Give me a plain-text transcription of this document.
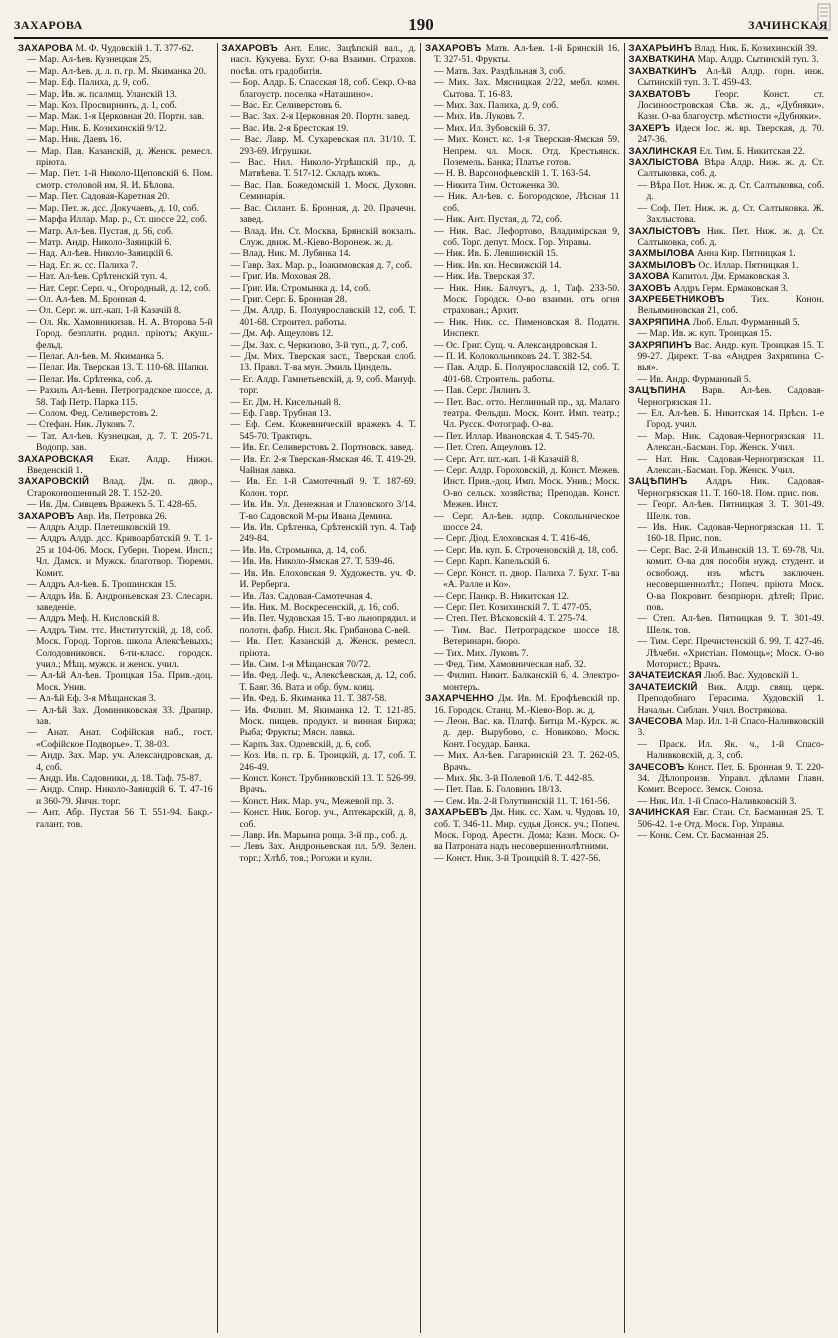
ЗАХАРОВА	190	ЗАЧИНСКАЯ
ЗАХАРОВА М. Ф. Чудовскій 1. Т. 377-62.
— Мар. Ал-ѣев. Кузнецкая 25.
— Мар. Ал-ѣев. д. л. п. гр. М. Якиманка 20.
— Мар. Еф. Палиха, д. 9, соб.
— Мар. Ив. ж. псалмщ. Уланскій 13.
— Мар. Коз. Просвирнинъ, д. 1, соб.
— Мар. Мак. 1-я Церковная 20. Портн. зав.
— Мар. Ник. Б. Козихинскій 9/12.
— Мар. Ник. Даевъ 16.
— Мар. Пав. Казанскій, д. Женск. ремесл. пріюта.
— Мар. Пет. 1-й Николо-Щеповскій 6. Пом. смотр. столовой им. Я. И. Бѣлова.
— Мар. Пет. Садовая-Каретная 20.
— Мар. Пет. ж. дсс. Докучаевъ, д. 10, соб.
— Марфа Иллар. Мар. р., Ст. шоссе 22, соб.
— Матр. Ал-ѣев. Пустая, д. 56, соб.
— Матр. Андр. Николо-Заяицкій 6.
— Над. Ал-ѣев. Николо-Заяицкій 6.
— Над. Ег. ж. сс. Палиха 7.
— Нат. Ал-ѣев. Срѣтенскій туп. 4.
— Нат. Серг. Серп. ч., Огородный, д. 12, соб.
— Ол. Ал-ѣев. М. Бронная 4.
— Ол. Серг. ж. шт.-кап. 1-й Казачій 8.
— Ол. Як. Хамовникизав. Н. А. Второва 5-й Город. безплатн. родил. пріютъ; Акуш.-фельд.
— Пелаг. Ал-ѣев. М. Якиманка 5.
— Пелаг. Ив. Тверская 13. Т. 110-68. Шапки.
— Пелаг. Ив. Срѣтенка, соб. д.
— Рахиль Ал-ѣевн. Петроградское шоссе, д. 58. Таф Петр. Парка 115.
— Солом. Фед. Селиверстовъ 2.
— Стефан. Ник. Луковъ 7.
— Тат. Ал-ѣев. Кузнецкая, д. 7. Т. 205-71. Водопр. зав.
ЗАХАРОВСКАЯ Екат. Алдр. Нижн. Введенскій 1.
ЗАХАРОВСКІЙ Влад. Дм. п. двор., Староконюшенный 28. Т. 152-20.
— Ив. Дм. Сивцевъ Вражекъ 5. Т. 428-65.
ЗАХАРОВЪ Авр. Ив. Петровка 26.
— Алдръ Алдр. Плетешковскій 19.
— Алдръ Алдр. дсс. Кривоарбатскій 9. Т. 1-25 и 104-06. Моск. Губерн. Тюрем. Инсп.; Чл. Дамск. и Мужск. благотвор. Тюремн. Комит.
— Алдръ Ал-ѣев. Б. Трошинская 15.
— Алдръ Ив. Б. Андроньевская 23. Слесарн. заведеніе.
— Алдръ Меф. Н. Кисловскій 8.
— Алдръ Тим. ттс. Институтскій, д. 18, соб. Моск. Город. Торгов. школа Алексѣевыхъ; Солодовниковск. 6-ти-класс. городск. учил.; Мѣщ. мужск. и женск. учил.
— Ал-ѣй Ал-ѣев. Троицкая 15а. Прив.-доц. Моск. Унив.
— Ал-ѣй Еф. 3-я Мѣщанская 3.
— Ал-ѣй Зах. Доминиковская 33. Драпир. зав.
— Анат. Анат. Софійская наб., гост. «Софійское Подворье». Т. 38-03.
— Андр. Зах. Мар. уч. Александровская, д. 4, соб.
— Андр. Ив. Садовники, д. 18. Таф. 75-87.
— Андр. Спир. Николо-Заяицкій 6. Т. 47-16 и 360-79. Яичн. торг.
— Ант. Абр. Пустая 56 Т. 551-94. Бакр.-галант. тов.
ЗАХАРОВЪ Ант. Елис. Зацѣпскій вал., д. насл. Кукуева. Бухг. О-ва Взаимн. Страхов. посѣв. отъ градобитія.
— Бор. Алдр. Б. Спасская 18, соб. Секр. О-ва благоустр. поселка «Наташино».
— Вас. Ег. Селиверстовъ 6.
— Вас. Зах. 2-я Церковная 20. Портн. завед.
— Вас. Ив. 2-я Брестская 19.
— Вас. Лавр. М. Сухаревская пл. 31/10. Т. 293-69. Игрушки.
— Вас. Нил. Николо-Угрѣшскій пр., д. Матвѣева. Т. 517-12. Складъ кожъ.
— Вас. Пав. Божедомскій 1. Моск. Духовн. Семинарія.
— Вас. Силант. Б. Бронная, д. 20. Прачечн. завед.
— Влад. Ин. Ст. Москва, Брянскій вокзалъ. Служ. движ. М.-Кіево-Воронеж. ж. д.
— Влад. Ник. М. Лубянка 14.
— Гавр. Зах. Мар. р., Іоакимовская д. 7, соб.
— Григ. Ив. Моховая 28.
— Григ. Ив. Стромынка д. 14, соб.
— Григ. Серг. Б. Бронная 28.
— Дм. Алдр. Б. Полуярославскій 12, соб. Т. 401-68. Строител. работы.
— Дм. Аф. Ащеуловъ 12.
— Дм. Зах. с. Черкизово, 3-й туп., д. 7, соб.
— Дм. Мих. Тверская заст., Тверская слоб. 13. Правл. Т-ва мун. Эмиль Циндель.
— Ег. Алдр. Гамнетьевскій, д. 9, соб. Мануф. торг.
— Ег. Дм. Н. Кисельный 8.
— Еф. Гавр. Трубная 13.
— Еф. Сем. Кожевническій вражекъ 4. Т. 545-70. Трактиръ.
— Ив. Ег. Селиверстовъ 2. Портновск. завед.
— Ив. Ег. 2-я Тверская-Ямская 46. Т. 419-29. Чайная лавка.
— Ив. Ег. 1-й Самотечный 9. Т. 187-69. Колон. торг.
— Ив. Ив. Ул. Денежная и Глазовского 3/14. Т-во Садовской М-ры Ивана Демина.
— Ив. Ив. Срѣтенка, Срѣтенскій туп. 4. Таф 249-84.
— Ив. Ив. Стромынка, д. 14, соб.
— Ив. Ив. Николо-Ямская 27. Т. 539-46.
— Ив. Ив. Елоховская 9. Художеств. уч. Ф. И. Рерберга.
— Ив. Лаз. Садовая-Самотечная 4.
— Ив. Ник. М. Воскресенскій, д. 16, соб.
— Ив. Пет. Чудовская 15. Т-во льнопрядил. и полотн. фабр. Нисл. Як. Грибанова С-вей.
— Ив. Пет. Казанскій д. Женск. ремесл. пріюта.
— Ив. Сим. 1-я Мѣщанская 70/72.
— Ив. Фед. Леф. ч., Алексѣевская, д. 12, соб. Т. Баяг. 36. Вата и обр. бум. кояц.
— Ив. Фед. Б. Якиманка 11. Т. 387-58.
— Ив. Филип. М. Якиманка 12. Т. 121-85. Моск. пищев. продукт. и винная Биржа; Рыба; Фрукты; Мясн. лавка.
— Карпъ Зах. Одоевскій, д. 6, соб.
— Коз. Ив. п. гр. Б. Троицкій, д. 17, соб. Т. 246-49.
— Конст. Конст. Трубниковскій 13. Т. 526-99. Врачъ.
— Конст. Ник. Мар. уч., Межевой пр. 3.
— Конст. Ник. Богор. уч., Аптекарскій, д. 8, соб.
— Лавр. Ив. Марьина роща. 3-й пр., соб. д.
— Левъ Зах. Андроньевская пл. 5/9. Зелен. торг.; Хлѣб. тов.; Рогожи и кули.
ЗАХАРОВЪ Матв. Ал-ѣев. 1-й Брянскій 16. Т. 327-51. Фрукты.
— Матв. Зах. Раздѣльная 3, соб.
— Мих. Зах. Мясницкая 2/22, мебл. комн. Сытова. Т. 16-83.
— Мих. Зах. Палиха, д. 9, соб.
— Мих. Ив. Луковъ 7.
— Мих. Ил. Зубовскій 6. 37.
— Мих. Конст. кс. 1-я Тверская-Ямская 59. Непрем. чл. Моск. Отд. Крестьянск. Поземель. Банка; Платье готов.
— Н. В. Варсонофьевскій 1. Т. 163-54.
— Никита Тим. Остоженка 30.
— Ник. Ал-ѣев. с. Богородское, Лѣсная 11 соб.
— Ник. Ант. Пустая, д. 72, соб.
— Ник. Вас. Лефортово, Владимірская 9, соб. Торг. депут. Моск. Гор. Управы.
— Ник. Ив. Б. Левшинскій 15.
— Ник. Ив. кн. Несвижскій 14.
— Ник. Ив. Тверская 37.
— Ник. Ник. Балчугъ, д. 1, Таф. 233-50. Моск. Городск. О-во взаимн. отъ огня страхован.; Архит.
— Ник. Ник. сс. Пименовская 8. Податн. Инспект.
— Ос. Григ. Сущ. ч. Александровская 1.
— П. И. Колокольниковъ 24. Т. 382-54.
— Пав. Алдр. Б. Полуярославскій 12, соб. Т. 401-68. Строитель. работы.
— Пав. Серг. Лялинъ 3.
— Пет. Вас. отто. Неглинный пр., зд. Малаго театра. Фельдш. Моск. Конт. Имп. театр.; Чл. Русск. Фотограф. О-ва.
— Пет. Иллар. Ивановская 4. Т. 545-70.
— Пет. Степ. Ащеуловъ 12.
— Серг. Агг. шт.-кап. 1-й Казачій 8.
— Серг. Алдр. Гороховскій, д. Конст. Межев. Инст. Прив.-доц. Имп. Моск. Унив.; Моск. О-во сельск. хозяйства; Преподав. Конст. Межев. Инст.
— Серг. Ал-ѣев. ндпр. Сокольническое шоссе 24.
— Серг. Діод. Елоховская 4. Т. 416-46.
— Серг. Ив. куп. Б. Строченовскій д. 18, соб.
— Серг. Карп. Капельскій 6.
— Серг. Конст. п. двор. Палиха 7. Бухг. Т-ва «А. Ралле и Ко».
— Серг. Панкр. В. Никитская 12.
— Серг. Пет. Козихинскій 7. Т. 477-05.
— Степ. Пет. Вѣсковскій 4. Т. 275-74.
— Тим. Вас. Петроградское шоссе 18. Ветеринарн. бюро.
— Тих. Мих. Луковъ 7.
— Фед. Тим. Хамовническая наб. 32.
— Филип. Никит. Балканскій 6. 4. Электро-монтеръ.
ЗАХАРЧЕННО Дм. Ив. М. Ерофѣевскій пр. 16. Городск. Станц. М.-Кіево-Вор. ж. д.
— Леон. Вас. кв. Платф. Битца М.-Курск. ж. д. дер. Вырубово, с. Новиково. Моск. Конт. Государ. Банка.
— Мих. Ал-ѣев. Гагаринскій 23. Т. 262-05. Врачъ.
— Мих. Як. 3-й Полевой 1/6. Т. 442-85.
— Пет. Пав. Б. Головинъ 18/13.
— Сем. Ив. 2-й Голутвинскій 11. Т. 161-56.
ЗАХАРЬЕВЪ Дм. Ник. сс. Хам. ч. Чудовъ 10, соб. Т. 346-11. Мир. судья Донск. уч.; Попеч. Моск. Город. Арестн. Дома; Казн. Моск. О-ва Патроната надъ несовершеннолѣтними.
— Конст. Ник. 3-й Троицкій 8. Т. 427-56.
ЗАХАРЬИНЪ Влад. Ник. Б. Козихинскій 39.
ЗАХВАТКИНА Мар. Алдр. Сытинскій туп. 3.
ЗАХВАТКИНЪ Ал-ѣй Алдр. горн. инж. Сытинскій туп. 3. Т. 459-43.
ЗАХВАТОВЪ Георг. Конст. ст. Лосиноостровская Сѣв. ж. д., «Дубняки». Казн. О-ва благоустр. мѣстности «Дубняки».
ЗАХЕРЪ Идеся Іос. ж. вр. Тверская, д. 70. 247-36.
ЗАХЛИНСКАЯ Ел. Тим. Б. Никитская 22.
ЗАХЛЫСТОВА Вѣра Алдр. Ниж. ж. д. Ст. Салтыковка, соб. д.
— Вѣра Пот. Ниж. ж. д. Ст. Салтыковка, соб. д.
— Соф. Пет. Ниж. ж. д. Ст. Салтыковка. Ж. Захлыстова.
ЗАХЛЫСТОВЪ Ник. Пет. Ниж. ж. д. Ст. Салтыковка, соб. д.
ЗАХМЫЛОВА Анна Кир. Пятницкая 1.
ЗАХМЫЛОВЪ Ос. Иллар. Пятницкая 1.
ЗАХОВА Капитол. Дм. Ермаковская 3.
ЗАХОВЪ Алдръ Герм. Ермаковская 3.
ЗАХРЕБЕТНИКОВЪ Тих. Конон. Вельяминовская 21, соб.
ЗАХРЯПИНА Люб. Ельп. Фурманный 5.
— Мар. Ив. ж. куп. Троицкая 15.
ЗАХРЯПИНЪ Вас. Андр. куп. Троицкая 15. Т. 99-27. Директ. Т-ва «Андрея Захряпина С-вья».
— Ив. Андр. Фурманный 5.
ЗАЦѢПИНА Варв. Ал-ѣев. Садовая-Черногрязская 11.
— Ел. Ал-ѣев. Б. Никитская 14. Прѣсн. 1-е Город. учил.
— Мар. Ник. Садовая-Черногрязская 11. Алексан.-Басман. Гор. Женск. Учил.
— Нат. Ник. Садовая-Черногрязская 11. Алексан.-Басман. Гор. Женск. Учил.
ЗАЦѢПИНЪ Алдръ Ник. Садовая-Черногрязская 11. Т. 160-18. Пом. прис. пов.
— Георг. Ал-ѣев. Пятницкая 3. Т. 301-49. Шелк. тов.
— Ив. Ник. Садовая-Черногрязская 11. Т. 160-18. Прис. пов.
— Серг. Вас. 2-й Ильинскій 13. Т. 69-78. Чл. комит. О-ва для пособія нужд. студент. и освобожд. изъ мѣстъ заключен. несовершеннолѣт.; Попеч. пріюта Моск. О-ва Покровит. безпріюрн. дѣтей; Прис. пов.
— Степ. Ал-ѣев. Пятницкая 9. Т. 301-49. Шелк. тов.
— Тим. Серг. Пречистенскій б. 99. Т. 427-46. Лѣчебн. «Христіан. Помощь»; Моск. О-во Моторист.; Врачъ.
ЗАЧАТЕИСКАЯ Люб. Вас. Худовскій 1.
ЗАЧАТЕИСКІЙ Вик. Алдр. свящ. церк. Преподобнаго Герасима. Худовскій 1. Начальн. Сиблан. Учил. Вострякова.
ЗАЧЕСОВА Мар. Ил. 1-й Спасо-Наливковскій 3.
— Праск. Ил. Як. ч., 1-й Спасо-Наливковскій, д. 3, соб.
ЗАЧЕСОВЪ Конст. Пет. Б. Бронная 9. Т. 220-34. Дѣлопроизв. Управл. дѣлами Главн. Комит. Всеросс. Земск. Союза.
— Ник. Ил. 1-й Спасо-Наливковскій 3.
ЗАЧИНСКАЯ Евг. Стан. Ст. Басманная 25. Т. 506-42. 1-е Отд. Моск. Гор. Управы.
— Конк. Сем. Ст. Басманная 25.
